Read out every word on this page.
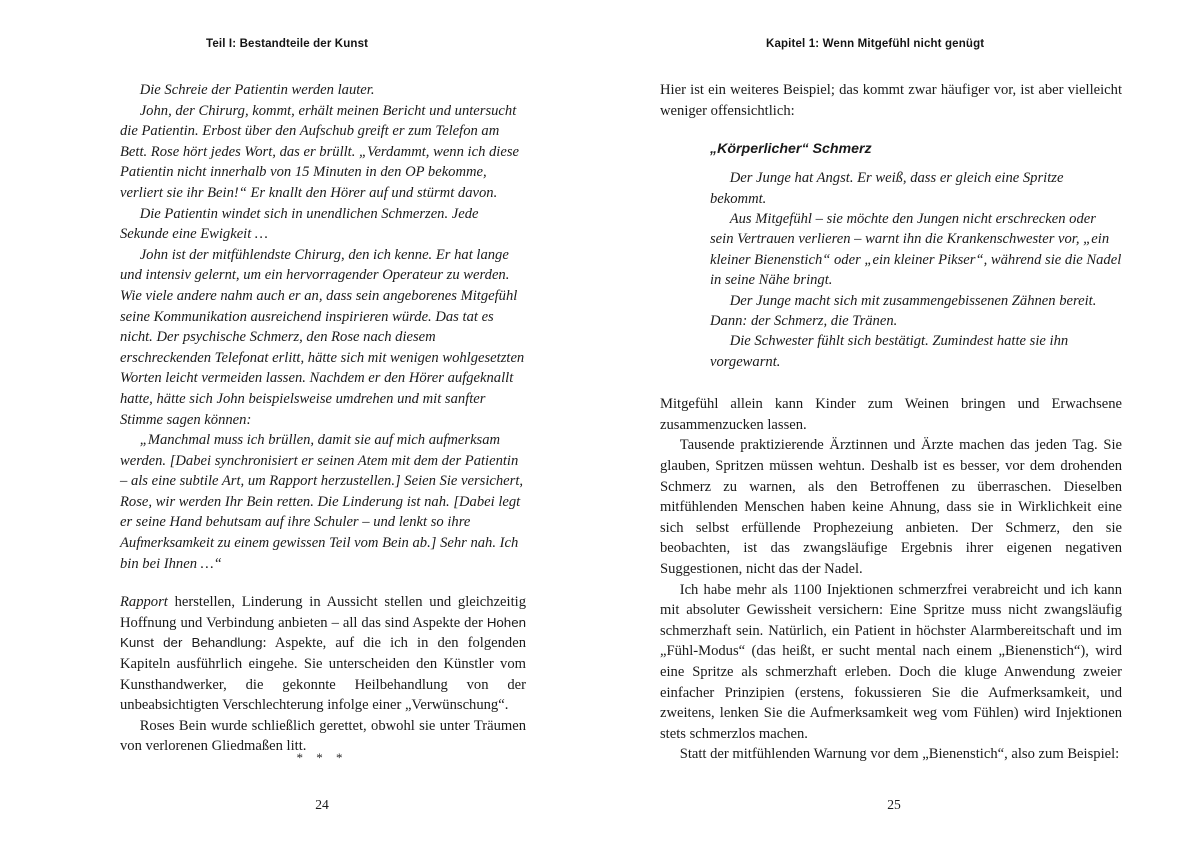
Teil I: Bestandteile der Kunst

Die Schreie der Patientin werden lauter.

John, der Chirurg, kommt, erhält meinen Bericht und untersucht die Patientin. Erbost über den Aufschub greift er zum Telefon am Bett. Rose hört jedes Wort, das er brüllt. „Verdammt, wenn ich diese Patientin nicht innerhalb von 15 Minuten in den OP bekomme, verliert sie ihr Bein!“ Er knallt den Hörer auf und stürmt davon.

Die Patientin windet sich in unendlichen Schmerzen. Jede Sekunde eine Ewigkeit …

John ist der mitfühlendste Chirurg, den ich kenne. Er hat lange und intensiv gelernt, um ein hervorragender Operateur zu werden. Wie viele andere nahm auch er an, dass sein angeborenes Mitgefühl seine Kommunikation ausreichend inspirieren würde. Das tat es nicht. Der psychische Schmerz, den Rose nach diesem erschreckenden Telefonat erlitt, hätte sich mit wenigen wohlgesetzten Worten leicht vermeiden lassen. Nachdem er den Hörer aufgeknallt hatte, hätte sich John beispielsweise umdrehen und mit sanfter Stimme sagen können:

„Manchmal muss ich brüllen, damit sie auf mich aufmerksam werden. [Dabei synchronisiert er seinen Atem mit dem der Patientin – als eine subtile Art, um Rapport herzustellen.] Seien Sie versichert, Rose, wir werden Ihr Bein retten. Die Linderung ist nah. [Dabei legt er seine Hand behutsam auf ihre Schuler – und lenkt so ihre Aufmerksamkeit zu einem gewissen Teil vom Bein ab.] Sehr nah. Ich bin bei Ihnen …“

Rapport herstellen, Linderung in Aussicht stellen und gleichzeitig Hoffnung und Verbindung anbieten – all das sind Aspekte der Hohen Kunst der Behandlung: Aspekte, auf die ich in den folgenden Kapiteln ausführlich eingehe. Sie unterscheiden den Künstler vom Kunsthandwerker, die gekonnte Heilbehandlung von der unbeabsichtigten Verschlechterung infolge einer „Verwünschung“.

Roses Bein wurde schließlich gerettet, obwohl sie unter Träumen von verlorenen Gliedmaßen litt.

* * *
24
Kapitel 1: Wenn Mitgefühl nicht genügt

Hier ist ein weiteres Beispiel; das kommt zwar häufiger vor, ist aber vielleicht weniger offensichtlich:

„Körperlicher“ Schmerz

Der Junge hat Angst. Er weiß, dass er gleich eine Spritze bekommt.

Aus Mitgefühl – sie möchte den Jungen nicht erschrecken oder sein Vertrauen verlieren – warnt ihn die Krankenschwester vor, „ein kleiner Bienenstich“ oder „ein kleiner Pikser“, während sie die Nadel in seine Nähe bringt.

Der Junge macht sich mit zusammengebissenen Zähnen bereit. Dann: der Schmerz, die Tränen.

Die Schwester fühlt sich bestätigt. Zumindest hatte sie ihn vorgewarnt.

Mitgefühl allein kann Kinder zum Weinen bringen und Erwachsene zusammenzucken lassen.

Tausende praktizierende Ärztinnen und Ärzte machen das jeden Tag. Sie glauben, Spritzen müssen wehtun. Deshalb ist es besser, vor dem drohenden Schmerz zu warnen, als den Betroffenen zu überraschen. Dieselben mitfühlenden Menschen haben keine Ahnung, dass sie in Wirklichkeit eine sich selbst erfüllende Prophezeiung anbieten. Der Schmerz, den sie beobachten, ist das zwangsläufige Ergebnis ihrer eigenen negativen Suggestionen, nicht das der Nadel.

Ich habe mehr als 1100 Injektionen schmerzfrei verabreicht und ich kann mit absoluter Gewissheit versichern: Eine Spritze muss nicht zwangsläufig schmerzhaft sein. Natürlich, ein Patient in höchster Alarmbereitschaft und im „Fühl-Modus“ (das heißt, er sucht mental nach einem „Bienenstich“), wird eine Spritze als schmerzhaft erleben. Doch die kluge Anwendung zweier einfacher Prinzipien (erstens, fokussieren Sie die Aufmerksamkeit, und zweitens, lenken Sie die Aufmerksamkeit weg vom Fühlen) wird Injektionen stets schmerzlos machen.

Statt der mitfühlenden Warnung vor dem „Bienenstich“, also zum Beispiel:

25
